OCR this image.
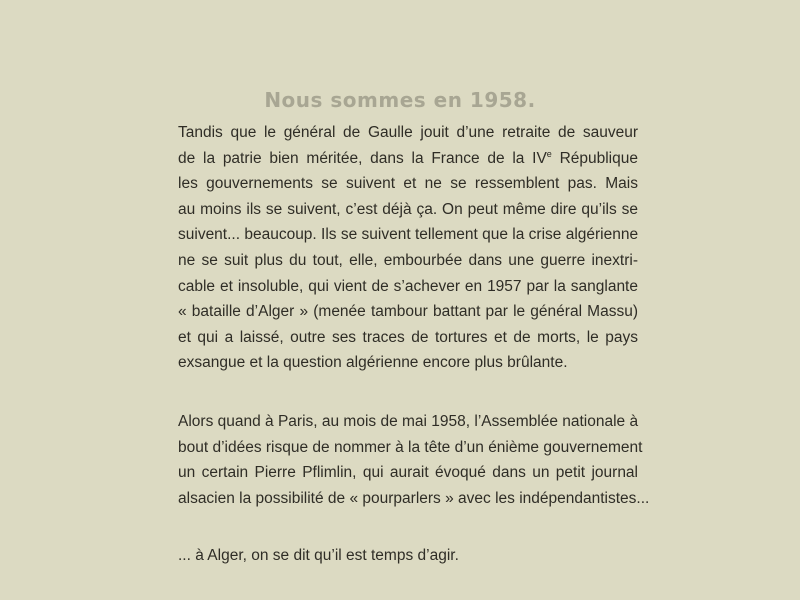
Nous sommes en 1958.

Tandis que le général de Gaulle jouit d’une retraite de sauveur
de la patrie bien méritée, dans la France de la IVe République
les gouvernements se suivent et ne se ressemblent pas. Mais
au moins ils se suivent, c’est déjà ça. On peut même dire qu’ils se
suivent... beaucoup. Ils se suivent tellement que la crise algérienne
ne se suit plus du tout, elle, embourbée dans une guerre inextri-
cable et insoluble, qui vient de s’achever en 1957 par la sanglante
« bataille d’Alger » (menée tambour battant par le général Massu)
et qui a laissé, outre ses traces de tortures et de morts, le pays
exsangue et la question algérienne encore plus brûlante.

Alors quand à Paris, au mois de mai 1958, l’Assemblée nationale à
bout d’idées risque de nommer à la tête d’un énième gouvernement
un certain Pierre Pflimlin, qui aurait évoqué dans un petit journal
alsacien la possibilité de « pourparlers » avec les indépendantistes...

... à Alger, on se dit qu’il est temps d’agir.
